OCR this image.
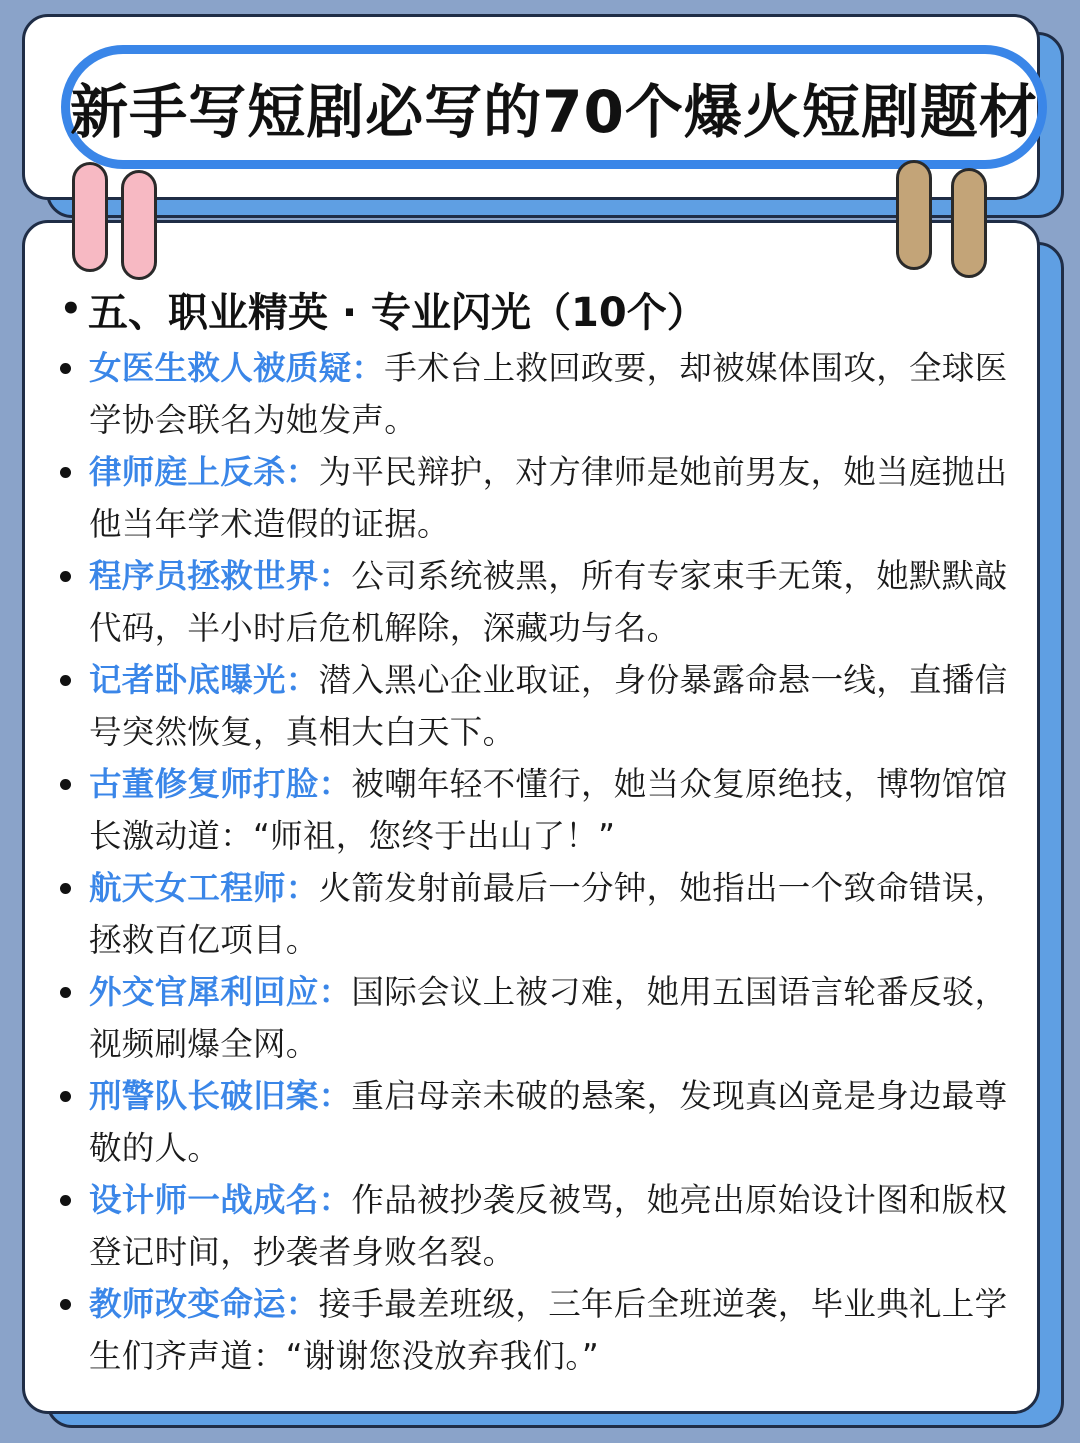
新手写短剧必写的70个爆火短剧题材
• 五、职业精英 · 专业闪光（10个）
女医生救人被质疑：手术台上救回政要，却被媒体围攻，全球医学协会联名为她发声。
律师庭上反杀：为平民辩护，对方律师是她前男友，她当庭抛出他当年学术造假的证据。
程序员拯救世界：公司系统被黑，所有专家束手无策，她默默敲代码，半小时后危机解除，深藏功与名。
记者卧底曝光：潜入黑心企业取证，身份暴露命悬一线，直播信号突然恢复，真相大白天下。
古董修复师打脸：被嘲年轻不懂行，她当众复原绝技，博物馆馆长激动道：“师祖，您终于出山了！”
航天女工程师：火箭发射前最后一分钟，她指出一个致命错误，拯救百亿项目。
外交官犀利回应：国际会议上被刁难，她用五国语言轮番反驳，视频刷爆全网。
刑警队长破旧案：重启母亲未破的悬案，发现真凶竟是身边最尊敬的人。
设计师一战成名：作品被抄袭反被骂，她亮出原始设计图和版权登记时间，抄袭者身败名裂。
教师改变命运：接手最差班级，三年后全班逆袭，毕业典礼上学生们齐声道：“谢谢您没放弃我们。”
